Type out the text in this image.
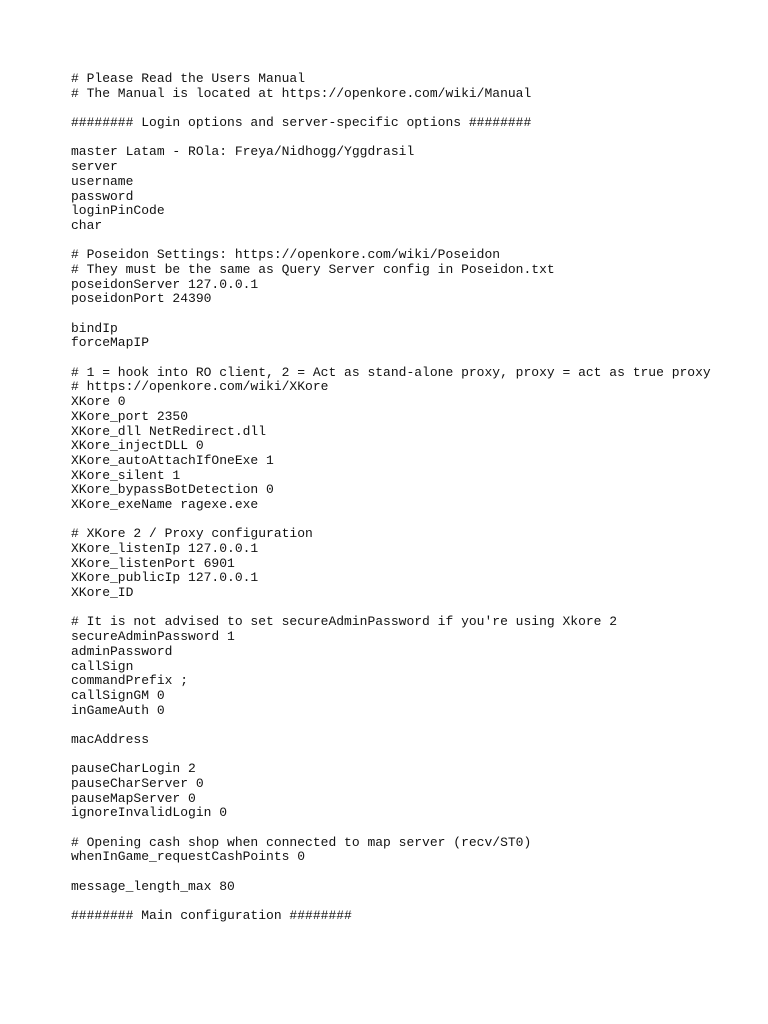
# Please Read the Users Manual
# The Manual is located at https://openkore.com/wiki/Manual
######## Login options and server-specific options ########
master Latam - ROla: Freya/Nidhogg/Yggdrasil
server
username
password
loginPinCode
char
# Poseidon Settings: https://openkore.com/wiki/Poseidon
# They must be the same as Query Server config in Poseidon.txt
poseidonServer 127.0.0.1
poseidonPort 24390
bindIp
forceMapIP
# 1 = hook into RO client, 2 = Act as stand-alone proxy, proxy = act as true proxy
# https://openkore.com/wiki/XKore
XKore 0
XKore_port 2350
XKore_dll NetRedirect.dll
XKore_injectDLL 0
XKore_autoAttachIfOneExe 1
XKore_silent 1
XKore_bypassBotDetection 0
XKore_exeName ragexe.exe
# XKore 2 / Proxy configuration
XKore_listenIp 127.0.0.1
XKore_listenPort 6901
XKore_publicIp 127.0.0.1
XKore_ID
# It is not advised to set secureAdminPassword if you're using Xkore 2
secureAdminPassword 1
adminPassword
callSign
commandPrefix ;
callSignGM 0
inGameAuth 0
macAddress
pauseCharLogin 2
pauseCharServer 0
pauseMapServer 0
ignoreInvalidLogin 0
# Opening cash shop when connected to map server (recv/ST0)
whenInGame_requestCashPoints 0
message_length_max 80
######## Main configuration ########
